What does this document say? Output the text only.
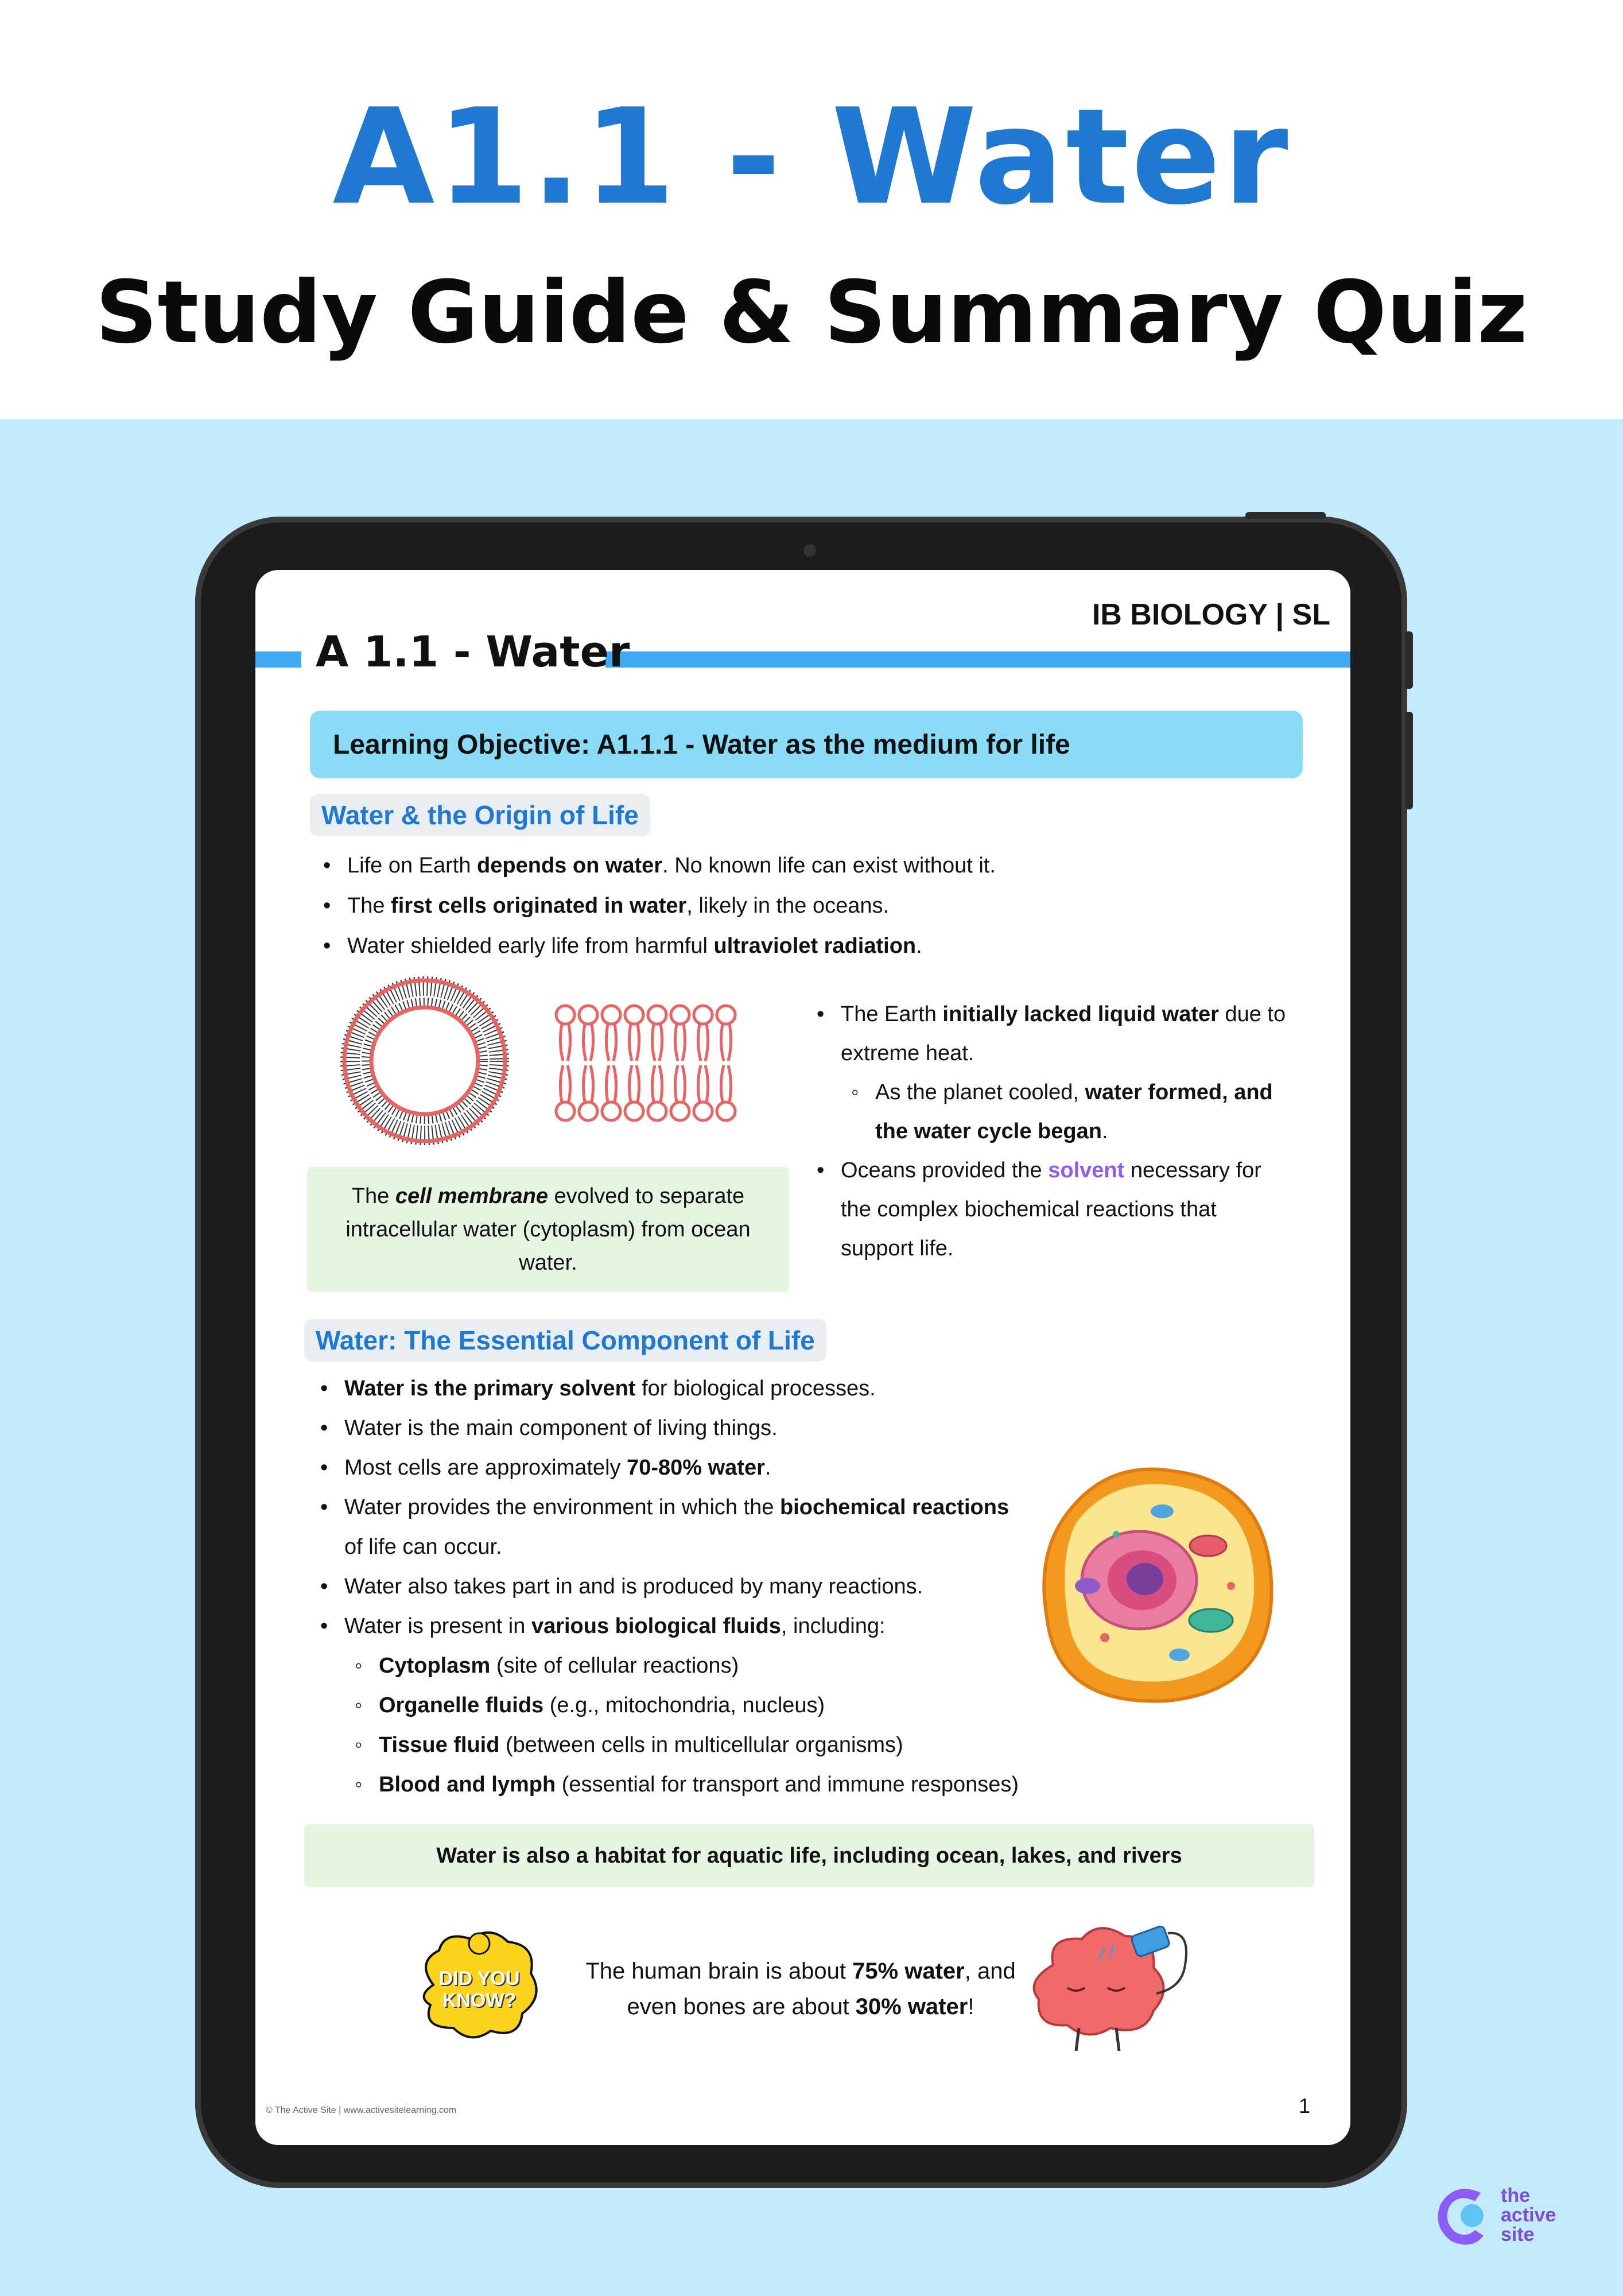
A1.1 - Water
Study Guide & Summary Quiz
IB BIOLOGY | SL
A 1.1 - Water
Learning Objective: A1.1.1 - Water as the medium for life
Water & the Origin of Life
• Life on Earth depends on water. No known life can exist without it.
• The first cells originated in water, likely in the oceans.
• Water shielded early life from harmful ultraviolet radiation.
The cell membrane evolved to separate
intracellular water (cytoplasm) from ocean
water.
• The Earth initially lacked liquid water due to
extreme heat.
◦ As the planet cooled, water formed, and
the water cycle began.
• Oceans provided the solvent necessary for
the complex biochemical reactions that
support life.
Water: The Essential Component of Life
• Water is the primary solvent for biological processes.
• Water is the main component of living things.
• Most cells are approximately 70-80% water.
• Water provides the environment in which the biochemical reactions
of life can occur.
• Water also takes part in and is produced by many reactions.
• Water is present in various biological fluids, including:
◦ Cytoplasm (site of cellular reactions)
◦ Organelle fluids (e.g., mitochondria, nucleus)
◦ Tissue fluid (between cells in multicellular organisms)
◦ Blood and lymph (essential for transport and immune responses)
Water is also a habitat for aquatic life, including ocean, lakes, and rivers
DID YOU KNOW?
The human brain is about 75% water, and
even bones are about 30% water!
© The Active Site | www.activesitelearning.com	1
the
active
site
